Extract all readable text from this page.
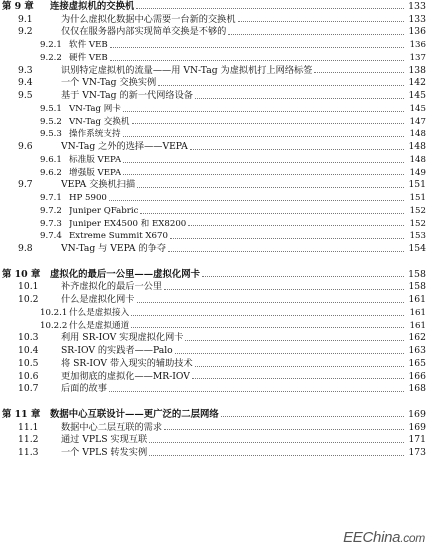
第 9 章	连接虚拟机的交换机	133
9.1	为什么虚拟化数据中心需要一台新的交换机	133
9.2	仅仅在服务器内部实现简单交换是不够的	136
9.2.1 软件 VEB	136
9.2.2 硬件 VEB	137
9.3	识别特定虚拟机的流量——用 VN-Tag 为虚拟机打上网络标签	138
9.4	一个 VN-Tag 交换实例	142
9.5	基于 VN-Tag 的新一代网络设备	145
9.5.1 VN-Tag 网卡	145
9.5.2 VN-Tag 交换机	147
9.5.3 操作系统支持	148
9.6	VN-Tag 之外的选择——VEPA	148
9.6.1 标准版 VEPA	148
9.6.2 增强版 VEPA	149
9.7	VEPA 交换机扫描	151
9.7.1 HP 5900	151
9.7.2 Juniper QFabric	152
9.7.3 Juniper EX4500 和 EX8200	152
9.7.4 Extreme Summit X670	153
9.8	VN-Tag 与 VEPA 的争夺	154
第 10 章	虚拟化的最后一公里——虚拟化网卡	158
10.1	补齐虚拟化的最后一公里	158
10.2	什么是虚拟化网卡	161
10.2.1 什么是虚拟接入	161
10.2.2 什么是虚拟通道	161
10.3	利用 SR-IOV 实现虚拟化网卡	162
10.4	SR-IOV 的实践者——Palo	163
10.5	将 SR-IOV 带入现实的辅助技术	165
10.6	更加彻底的虚拟化——MR-IOV	166
10.7	后面的故事	168
第 11 章	数据中心互联设计——更广泛的二层网络	169
11.1	数据中心二层互联的需求	169
11.2	通过 VPLS 实现互联	171
11.3	一个 VPLS 转发实例	173
EEChina.com
